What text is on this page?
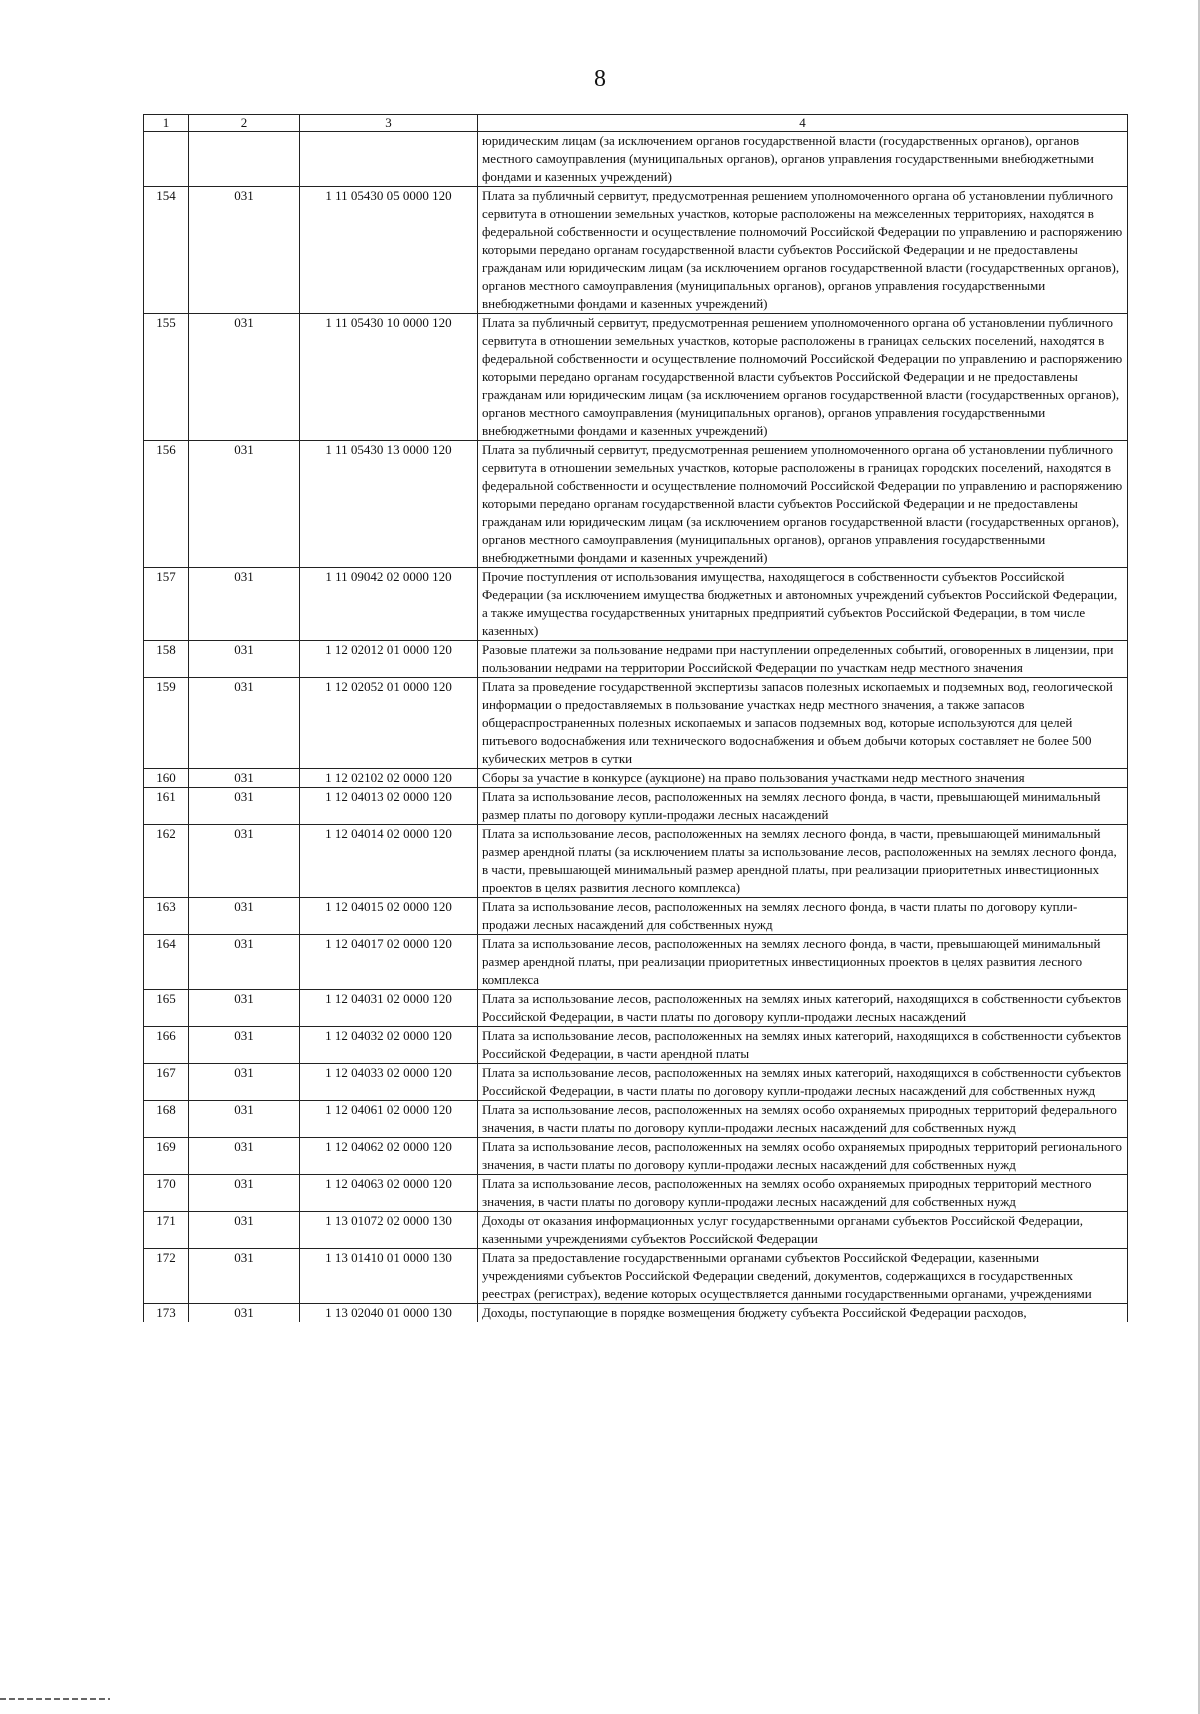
8
1	2	3	4
			юридическим лицам (за исключением органов государственной власти (государственных органов), органов местного самоуправления (муниципальных органов), органов управления государственными внебюджетными фондами и казенных учреждений)
154	031	1 11 05430 05 0000 120	Плата за публичный сервитут, предусмотренная решением уполномоченного органа об установлении публичного сервитута в отношении земельных участков, которые расположены на межселенных территориях, находятся в федеральной собственности и осуществление полномочий Российской Федерации по управлению и распоряжению которыми передано органам государственной власти субъектов Российской Федерации и не предоставлены гражданам или юридическим лицам (за исключением органов государственной власти (государственных органов), органов местного самоуправления (муниципальных органов), органов управления государственными внебюджетными фондами и казенных учреждений)
155	031	1 11 05430 10 0000 120	Плата за публичный сервитут, предусмотренная решением уполномоченного органа об установлении публичного сервитута в отношении земельных участков, которые расположены в границах сельских поселений, находятся в федеральной собственности и осуществление полномочий Российской Федерации по управлению и распоряжению которыми передано органам государственной власти субъектов Российской Федерации и не предоставлены гражданам или юридическим лицам (за исключением органов государственной власти (государственных органов), органов местного самоуправления (муниципальных органов), органов управления государственными внебюджетными фондами и казенных учреждений)
156	031	1 11 05430 13 0000 120	Плата за публичный сервитут, предусмотренная решением уполномоченного органа об установлении публичного сервитута в отношении земельных участков, которые расположены в границах городских поселений, находятся в федеральной собственности и осуществление полномочий Российской Федерации по управлению и распоряжению которыми передано органам государственной власти субъектов Российской Федерации и не предоставлены гражданам или юридическим лицам (за исключением органов государственной власти (государственных органов), органов местного самоуправления (муниципальных органов), органов управления государственными внебюджетными фондами и казенных учреждений)
157	031	1 11 09042 02 0000 120	Прочие поступления от использования имущества, находящегося в собственности субъектов Российской Федерации (за исключением имущества бюджетных и автономных учреждений субъектов Российской Федерации, а также имущества государственных унитарных предприятий субъектов Российской Федерации, в том числе казенных)
158	031	1 12 02012 01 0000 120	Разовые платежи за пользование недрами при наступлении определенных событий, оговоренных в лицензии, при пользовании недрами на территории Российской Федерации по участкам недр местного значения
159	031	1 12 02052 01 0000 120	Плата за проведение государственной экспертизы запасов полезных ископаемых и подземных вод, геологической информации о предоставляемых в пользование участках недр местного значения, а также запасов общераспространенных полезных ископаемых и запасов подземных вод, которые используются для целей питьевого водоснабжения или технического водоснабжения и объем добычи которых составляет не более 500 кубических метров в сутки
160	031	1 12 02102 02 0000 120	Сборы за участие в конкурсе (аукционе) на право пользования участками недр местного значения
161	031	1 12 04013 02 0000 120	Плата за использование лесов, расположенных на землях лесного фонда, в части, превышающей минимальный размер платы по договору купли-продажи лесных насаждений
162	031	1 12 04014 02 0000 120	Плата за использование лесов, расположенных на землях лесного фонда, в части, превышающей минимальный размер арендной платы (за исключением платы за использование лесов, расположенных на землях лесного фонда, в части, превышающей минимальный размер арендной платы, при реализации приоритетных инвестиционных проектов в целях развития лесного комплекса)
163	031	1 12 04015 02 0000 120	Плата за использование лесов, расположенных на землях лесного фонда, в части платы по договору купли-продажи лесных насаждений для собственных нужд
164	031	1 12 04017 02 0000 120	Плата за использование лесов, расположенных на землях лесного фонда, в части, превышающей минимальный размер арендной платы, при реализации приоритетных инвестиционных проектов в целях развития лесного комплекса
165	031	1 12 04031 02 0000 120	Плата за использование лесов, расположенных на землях иных категорий, находящихся в собственности субъектов Российской Федерации, в части платы по договору купли-продажи лесных насаждений
166	031	1 12 04032 02 0000 120	Плата за использование лесов, расположенных на землях иных категорий, находящихся в собственности субъектов Российской Федерации, в части арендной платы
167	031	1 12 04033 02 0000 120	Плата за использование лесов, расположенных на землях иных категорий, находящихся в собственности субъектов Российской Федерации, в части платы по договору купли-продажи лесных насаждений для собственных нужд
168	031	1 12 04061 02 0000 120	Плата за использование лесов, расположенных на землях особо охраняемых природных территорий федерального значения, в части платы по договору купли-продажи лесных насаждений для собственных нужд
169	031	1 12 04062 02 0000 120	Плата за использование лесов, расположенных на землях особо охраняемых природных территорий регионального значения, в части платы по договору купли-продажи лесных насаждений для собственных нужд
170	031	1 12 04063 02 0000 120	Плата за использование лесов, расположенных на землях особо охраняемых природных территорий местного значения, в части платы по договору купли-продажи лесных насаждений для собственных нужд
171	031	1 13 01072 02 0000 130	Доходы от оказания информационных услуг государственными органами субъектов Российской Федерации, казенными учреждениями субъектов Российской Федерации
172	031	1 13 01410 01 0000 130	Плата за предоставление государственными органами субъектов Российской Федерации, казенными учреждениями субъектов Российской Федерации сведений, документов, содержащихся в государственных реестрах (регистрах), ведение которых осуществляется данными государственными органами, учреждениями
173	031	1 13 02040 01 0000 130	Доходы, поступающие в порядке возмещения бюджету субъекта Российской Федерации расходов,
